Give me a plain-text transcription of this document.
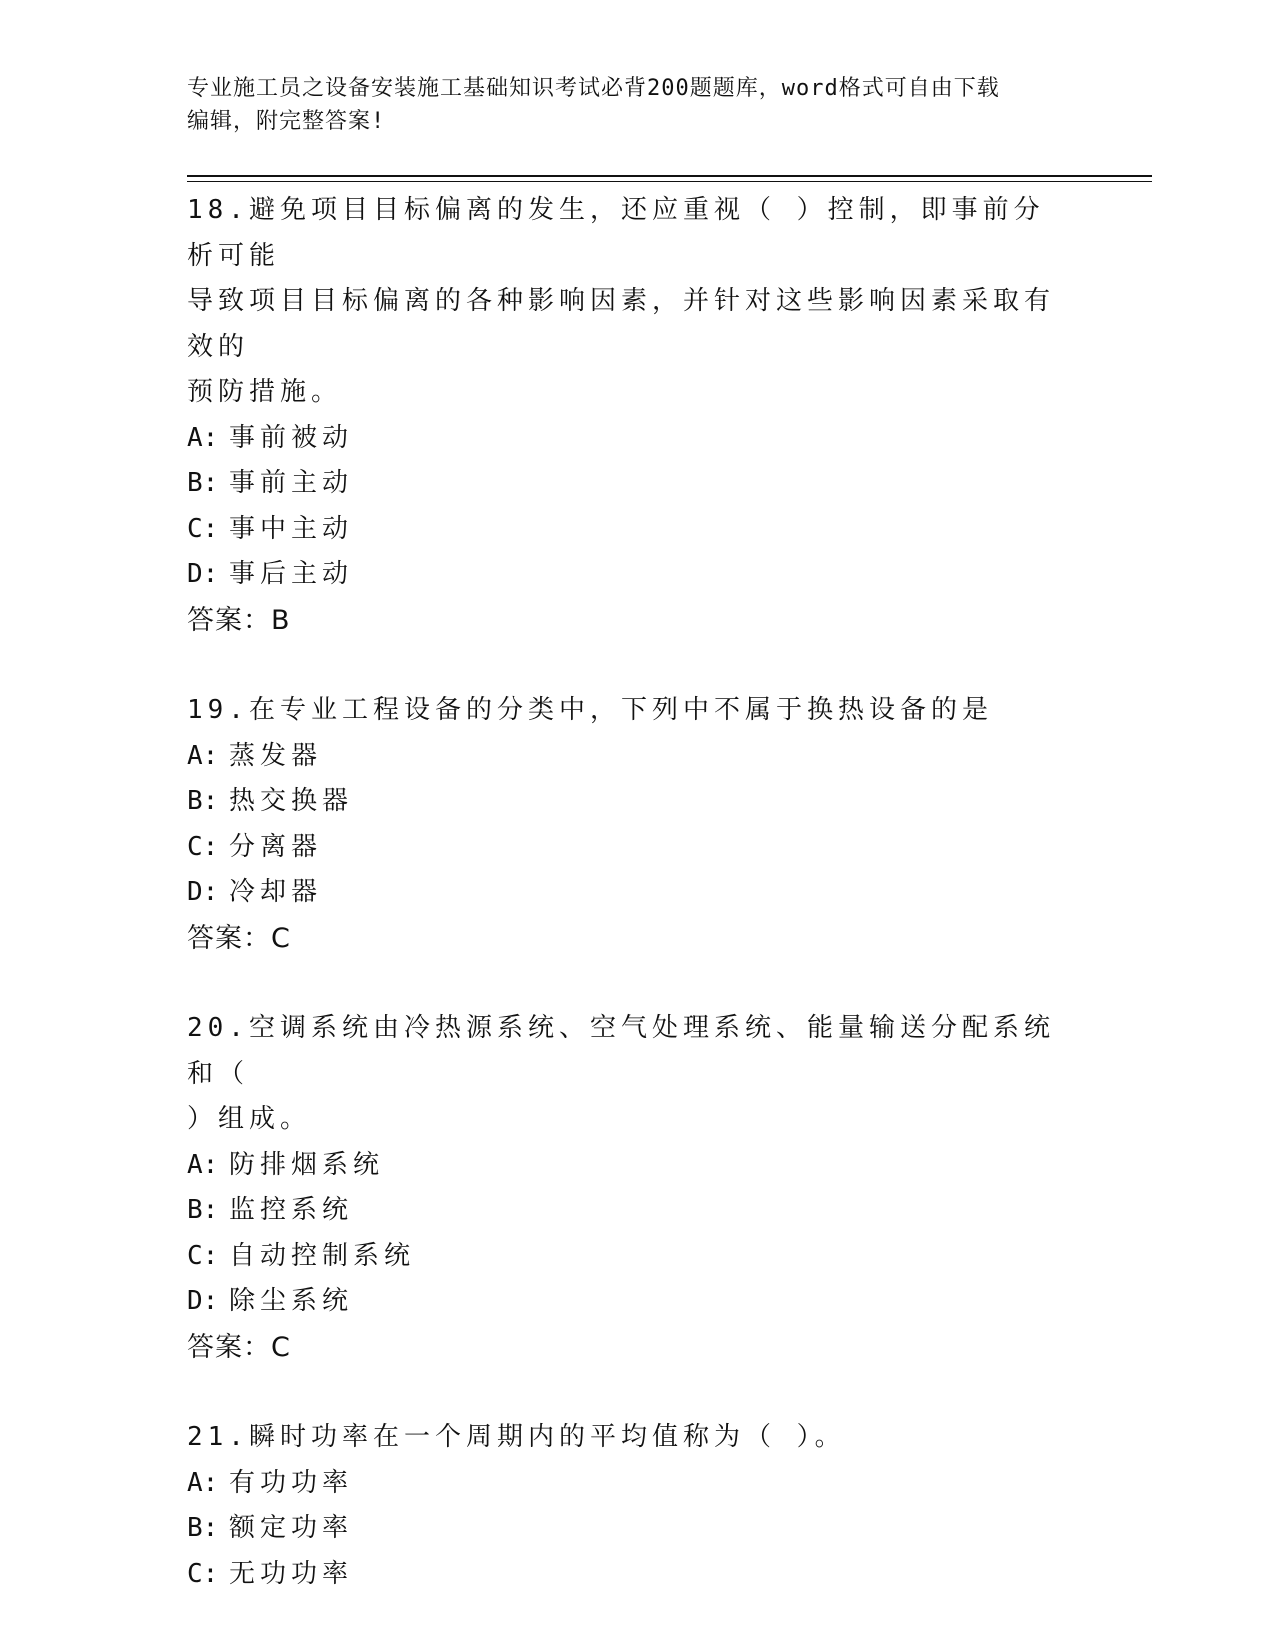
专业施工员之设备安装施工基础知识考试必背200题题库，word格式可自由下载
编辑，附完整答案!
18.避免项目目标偏离的发生，还应重视（ ）控制，即事前分析可能
导致项目目标偏离的各种影响因素，并针对这些影响因素采取有效的
预防措施。
A: 事前被动
B: 事前主动
C: 事中主动
D: 事后主动
答案：B
19.在专业工程设备的分类中，下列中不属于换热设备的是
A: 蒸发器
B: 热交换器
C: 分离器
D: 冷却器
答案：C
20.空调系统由冷热源系统、空气处理系统、能量输送分配系统和（
）组成。
A: 防排烟系统
B: 监控系统
C: 自动控制系统
D: 除尘系统
答案：C
21.瞬时功率在一个周期内的平均值称为（ ）。
A: 有功功率
B: 额定功率
C: 无功功率
